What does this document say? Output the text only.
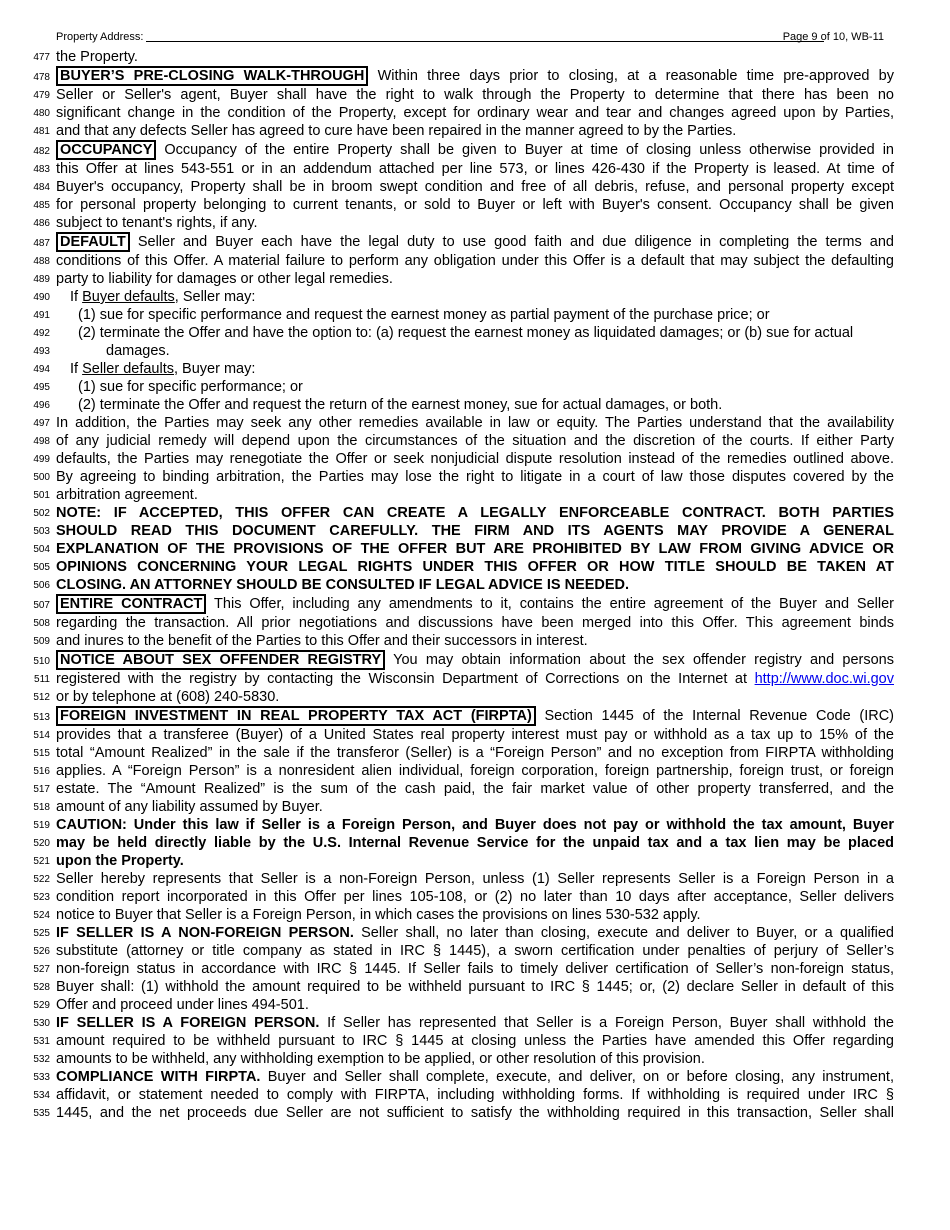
Property Address:	Page 9 of 10, WB-11
477 the Property.
478 BUYER’S PRE-CLOSING WALK-THROUGH Within three days prior to closing, at a reasonable time pre-approved by
479 Seller or Seller's agent, Buyer shall have the right to walk through the Property to determine that there has been no
480 significant change in the condition of the Property, except for ordinary wear and tear and changes agreed upon by Parties,
481 and that any defects Seller has agreed to cure have been repaired in the manner agreed to by the Parties.
482 OCCUPANCY Occupancy of the entire Property shall be given to Buyer at time of closing unless otherwise provided in
483 this Offer at lines 543-551 or in an addendum attached per line 573, or lines 426-430 if the Property is leased. At time of
484 Buyer's occupancy, Property shall be in broom swept condition and free of all debris, refuse, and personal property except
485 for personal property belonging to current tenants, or sold to Buyer or left with Buyer's consent. Occupancy shall be given
486 subject to tenant's rights, if any.
487 DEFAULT Seller and Buyer each have the legal duty to use good faith and due diligence in completing the terms and
488 conditions of this Offer. A material failure to perform any obligation under this Offer is a default that may subject the defaulting
489 party to liability for damages or other legal remedies.
490	If Buyer defaults, Seller may:
491	(1) sue for specific performance and request the earnest money as partial payment of the purchase price; or
492	(2) terminate the Offer and have the option to: (a) request the earnest money as liquidated damages; or (b) sue for actual
493	damages.
494	If Seller defaults, Buyer may:
495	(1) sue for specific performance; or
496	(2) terminate the Offer and request the return of the earnest money, sue for actual damages, or both.
497 In addition, the Parties may seek any other remedies available in law or equity. The Parties understand that the availability
498 of any judicial remedy will depend upon the circumstances of the situation and the discretion of the courts. If either Party
499 defaults, the Parties may renegotiate the Offer or seek nonjudicial dispute resolution instead of the remedies outlined above.
500 By agreeing to binding arbitration, the Parties may lose the right to litigate in a court of law those disputes covered by the
501 arbitration agreement.
502 NOTE: IF ACCEPTED, THIS OFFER CAN CREATE A LEGALLY ENFORCEABLE CONTRACT. BOTH PARTIES
503 SHOULD READ THIS DOCUMENT CAREFULLY. THE FIRM AND ITS AGENTS MAY PROVIDE A GENERAL
504 EXPLANATION OF THE PROVISIONS OF THE OFFER BUT ARE PROHIBITED BY LAW FROM GIVING ADVICE OR
505 OPINIONS CONCERNING YOUR LEGAL RIGHTS UNDER THIS OFFER OR HOW TITLE SHOULD BE TAKEN AT
506 CLOSING. AN ATTORNEY SHOULD BE CONSULTED IF LEGAL ADVICE IS NEEDED.
507 ENTIRE CONTRACT This Offer, including any amendments to it, contains the entire agreement of the Buyer and Seller
508 regarding the transaction. All prior negotiations and discussions have been merged into this Offer. This agreement binds
509 and inures to the benefit of the Parties to this Offer and their successors in interest.
510 NOTICE ABOUT SEX OFFENDER REGISTRY You may obtain information about the sex offender registry and persons
511 registered with the registry by contacting the Wisconsin Department of Corrections on the Internet at http://www.doc.wi.gov
512 or by telephone at (608) 240-5830.
513 FOREIGN INVESTMENT IN REAL PROPERTY TAX ACT (FIRPTA) Section 1445 of the Internal Revenue Code (IRC)
514 provides that a transferee (Buyer) of a United States real property interest must pay or withhold as a tax up to 15% of the
515 total “Amount Realized” in the sale if the transferor (Seller) is a “Foreign Person” and no exception from FIRPTA withholding
516 applies. A “Foreign Person” is a nonresident alien individual, foreign corporation, foreign partnership, foreign trust, or foreign
517 estate. The “Amount Realized” is the sum of the cash paid, the fair market value of other property transferred, and the
518 amount of any liability assumed by Buyer.
519 CAUTION: Under this law if Seller is a Foreign Person, and Buyer does not pay or withhold the tax amount, Buyer
520 may be held directly liable by the U.S. Internal Revenue Service for the unpaid tax and a tax lien may be placed
521 upon the Property.
522 Seller hereby represents that Seller is a non-Foreign Person, unless (1) Seller represents Seller is a Foreign Person in a
523 condition report incorporated in this Offer per lines 105-108, or (2) no later than 10 days after acceptance, Seller delivers
524 notice to Buyer that Seller is a Foreign Person, in which cases the provisions on lines 530-532 apply.
525 IF SELLER IS A NON-FOREIGN PERSON. Seller shall, no later than closing, execute and deliver to Buyer, or a qualified
526 substitute (attorney or title company as stated in IRC § 1445), a sworn certification under penalties of perjury of Seller’s
527 non-foreign status in accordance with IRC § 1445. If Seller fails to timely deliver certification of Seller’s non-foreign status,
528 Buyer shall: (1) withhold the amount required to be withheld pursuant to IRC § 1445; or, (2) declare Seller in default of this
529 Offer and proceed under lines 494-501.
530 IF SELLER IS A FOREIGN PERSON. If Seller has represented that Seller is a Foreign Person, Buyer shall withhold the
531 amount required to be withheld pursuant to IRC § 1445 at closing unless the Parties have amended this Offer regarding
532 amounts to be withheld, any withholding exemption to be applied, or other resolution of this provision.
533 COMPLIANCE WITH FIRPTA. Buyer and Seller shall complete, execute, and deliver, on or before closing, any instrument,
534 affidavit, or statement needed to comply with FIRPTA, including withholding forms. If withholding is required under IRC §
535 1445, and the net proceeds due Seller are not sufficient to satisfy the withholding required in this transaction, Seller shall
